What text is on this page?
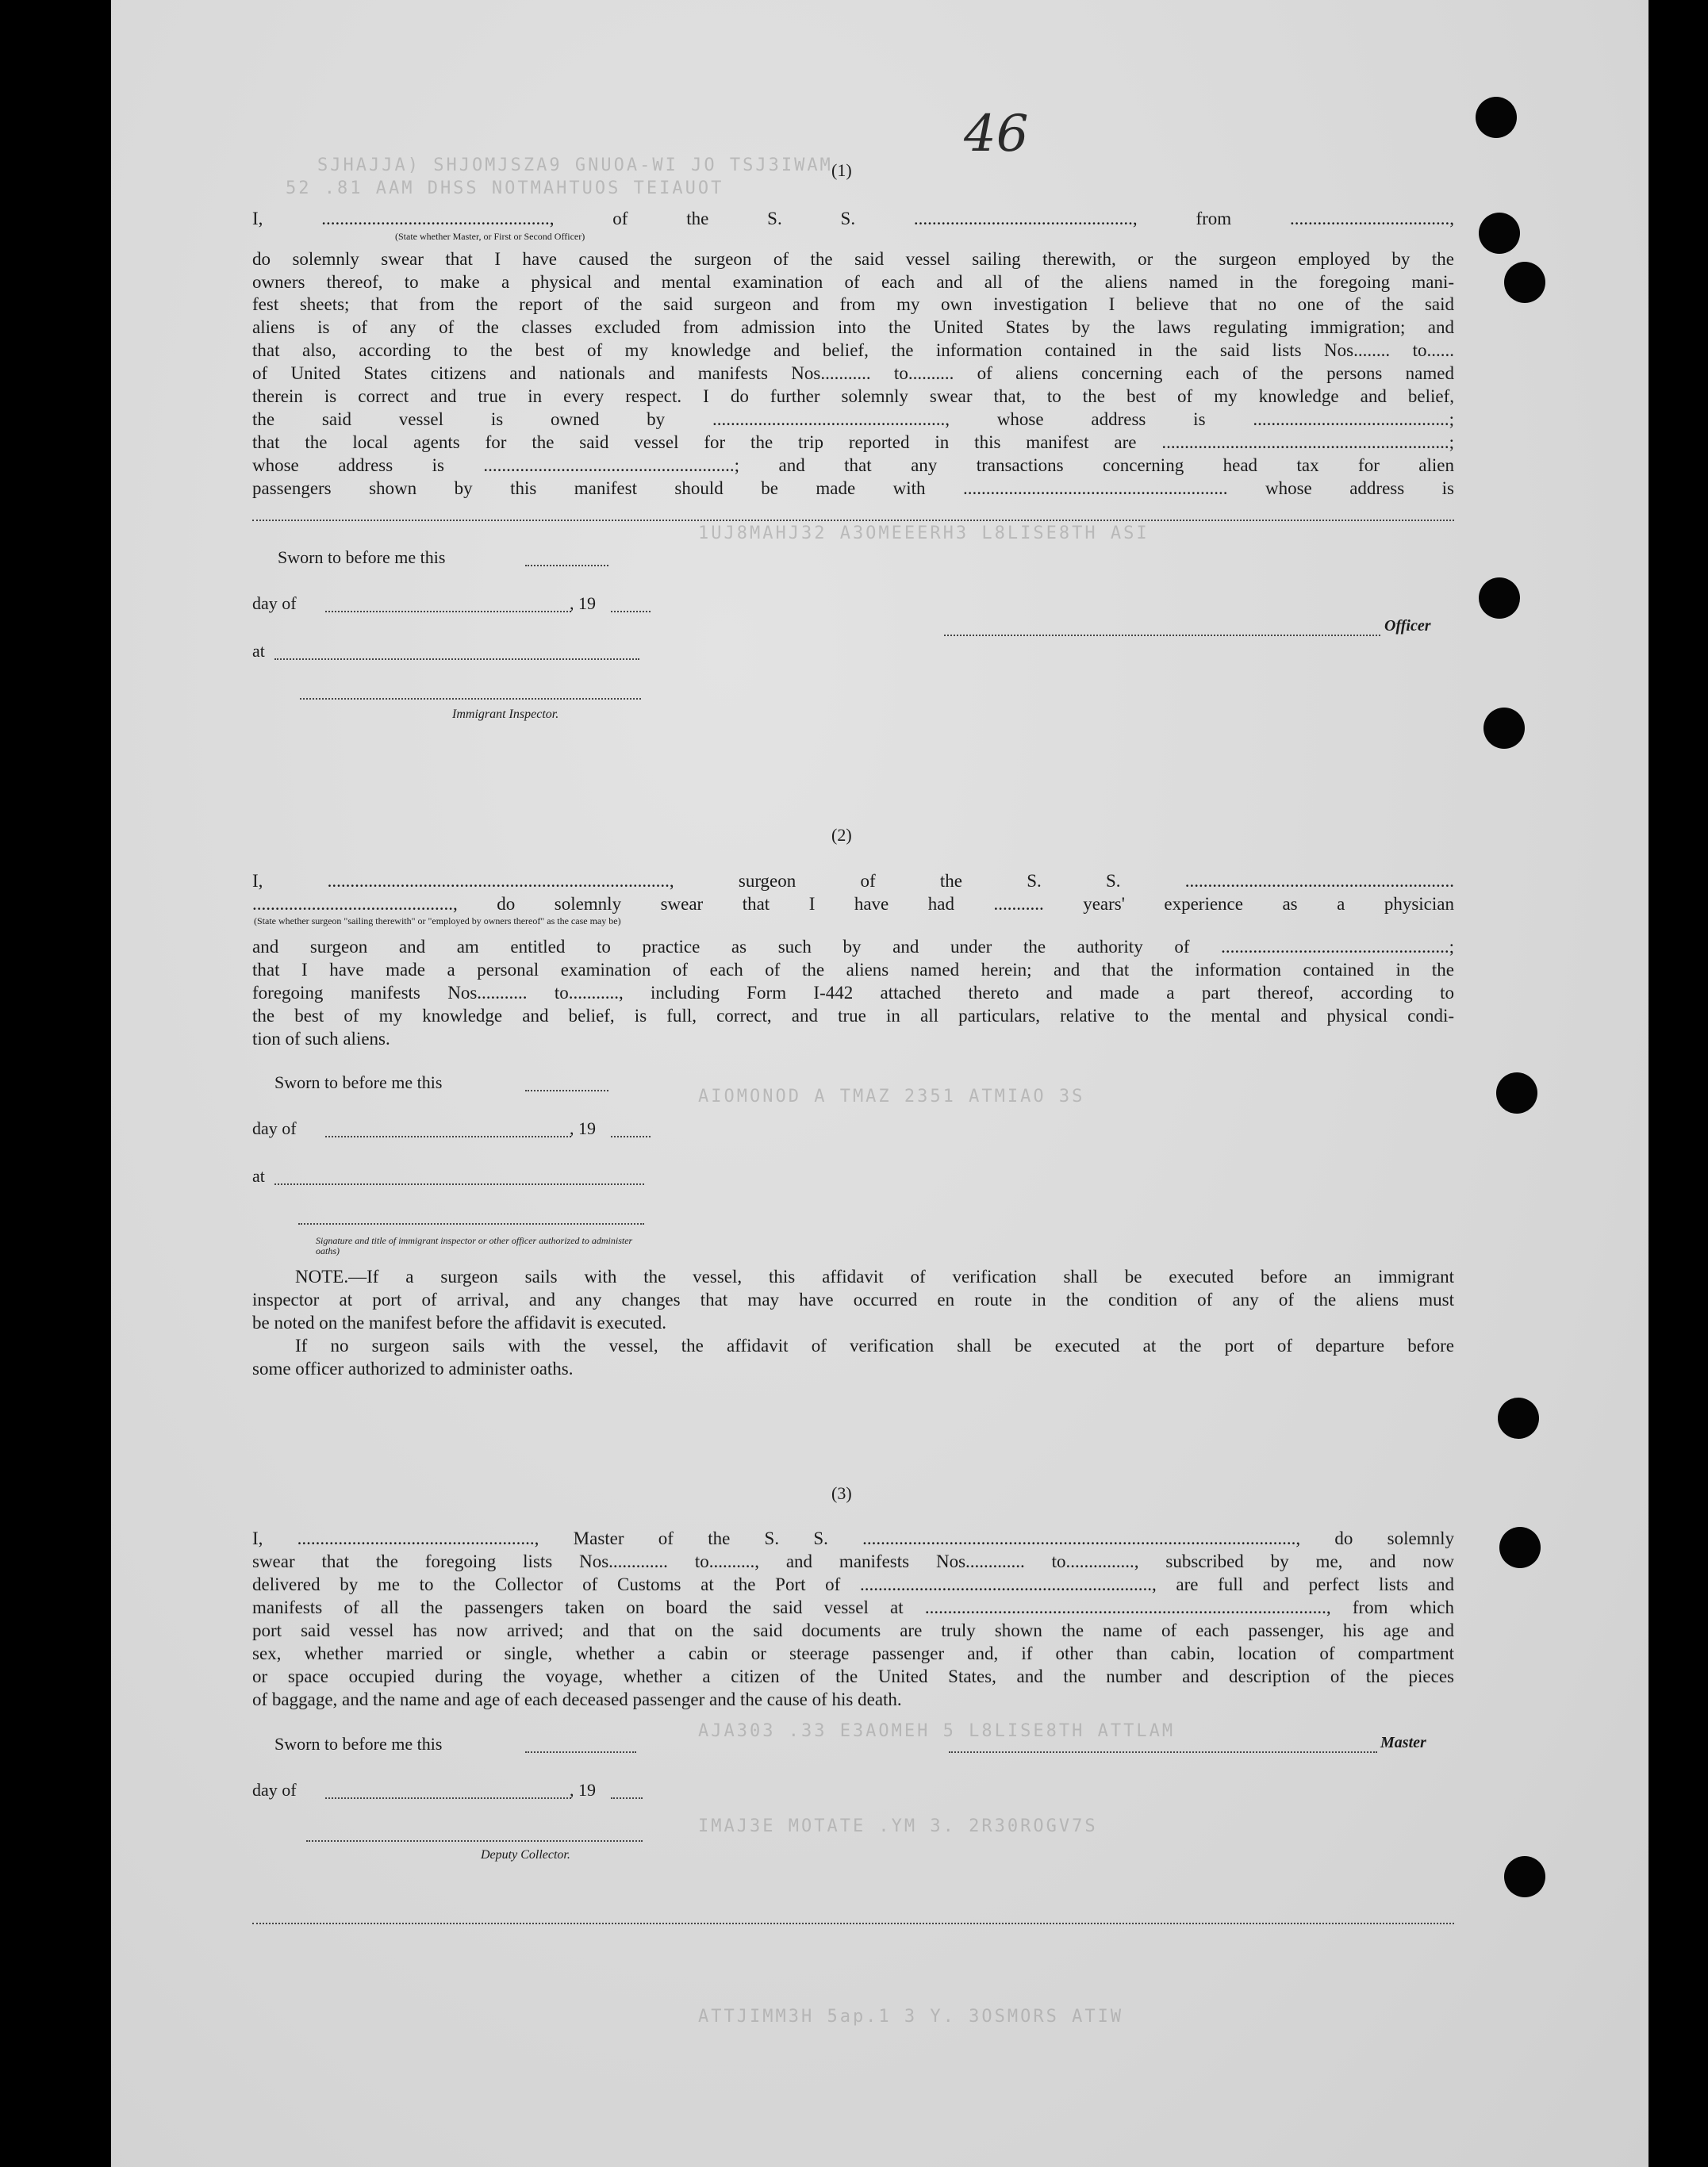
SJHAJJA) SHJOMJSZA9 GNUOA-WI JO TSJ3IWAM
52 .81 AAM DHSS NOTMAHTUOS TEIAUOT
1UJ8MAHJ32 A3OMEEERH3 L8LISE8TH ASI
AIOMONOD A TMAZ 2351 ATMIAO 3S
AJA303 .33 E3AOMEH 5 L8LISE8TH ATTLAM
IMAJ3E MOTATE .YM 3. 2R30ROGV7S
ATTJIMM3H 5ap.1 3 Y. 3OSMORS ATIW
46
(1)
I, .................................................., of the S. S. ................................................, from ...................................,
(State whether Master, or First or Second Officer)
do solemnly swear that I have caused the surgeon of the said vessel sailing therewith, or the surgeon employed by the
owners thereof, to make a physical and mental examination of each and all of the aliens named in the foregoing mani-
fest sheets; that from the report of the said surgeon and from my own investigation I believe that no one of the said
aliens is of any of the classes excluded from admission into the United States by the laws regulating immigration; and
that also, according to the best of my knowledge and belief, the information contained in the said lists Nos........ to......
of United States citizens and nationals and manifests Nos........... to.......... of aliens concerning each of the persons named
therein is correct and true in every respect. I do further solemnly swear that, to the best of my knowledge and belief,
the said vessel is owned by ..................................................., whose address is ...........................................;
that the local agents for the said vessel for the trip reported in this manifest are ...............................................................;
whose address is .......................................................; and that any transactions concerning head tax for alien
passengers shown by this manifest should be made with .......................................................... whose address is
Sworn to before me this
day of	, 19
at
Officer
Immigrant Inspector.
(2)
I, ..........................................................................., surgeon of the S. S. ...........................................................
............................................, do solemnly swear that I have had ........... years' experience as a physician
(State whether surgeon "sailing therewith" or "employed by owners thereof" as the case may be)
and surgeon and am entitled to practice as such by and under the authority of ..................................................;
that I have made a personal examination of each of the aliens named herein; and that the information contained in the
foregoing manifests Nos........... to..........., including Form I-442 attached thereto and made a part thereof, according to
the best of my knowledge and belief, is full, correct, and true in all particulars, relative to the mental and physical condi-
tion of such aliens.
Sworn to before me this
day of	, 19
at
Signature and title of immigrant inspector or other officer authorized to administer oaths)
NOTE.—If a surgeon sails with the vessel, this affidavit of verification shall be executed before an immigrant
inspector at port of arrival, and any changes that may have occurred en route in the condition of any of the aliens must
be noted on the manifest before the affidavit is executed.
If no surgeon sails with the vessel, the affidavit of verification shall be executed at the port of departure before
some officer authorized to administer oaths.
(3)
I, ...................................................., Master of the S. S. ..............................................................................................., do solemnly
swear that the foregoing lists Nos............. to.........., and manifests Nos............. to..............., subscribed by me, and now
delivered by me to the Collector of Customs at the Port of ................................................................, are full and perfect lists and
manifests of all the passengers taken on board the said vessel at ........................................................................................, from which
port said vessel has now arrived; and that on the said documents are truly shown the name of each passenger, his age and
sex, whether married or single, whether a cabin or steerage passenger and, if other than cabin, location of compartment
or space occupied during the voyage, whether a citizen of the United States, and the number and description of the pieces
of baggage, and the name and age of each deceased passenger and the cause of his death.
Sworn to before me this	Master
day of	, 19
Deputy Collector.
